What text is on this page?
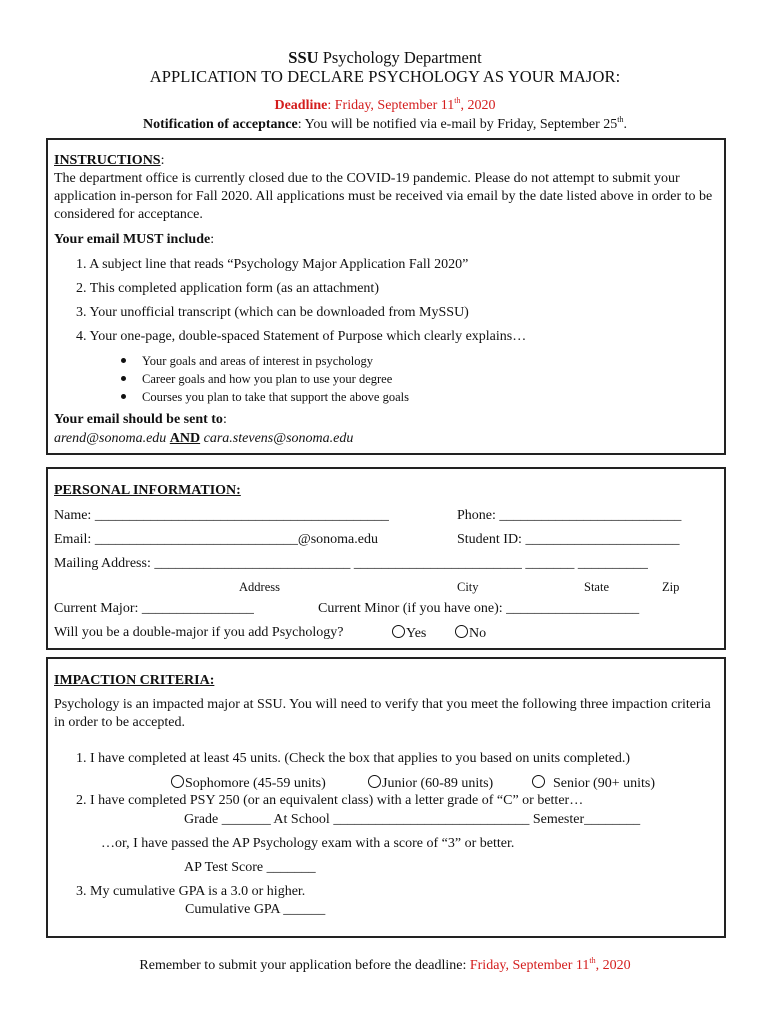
SSU Psychology Department
APPLICATION TO DECLARE PSYCHOLOGY AS YOUR MAJOR:
Deadline: Friday, September 11th, 2020
Notification of acceptance: You will be notified via e-mail by Friday, September 25th.
INSTRUCTIONS:
The department office is currently closed due to the COVID-19 pandemic. Please do not attempt to submit your application in-person for Fall 2020. All applications must be received via email by the date listed above in order to be considered for acceptance.
Your email MUST include:
1. A subject line that reads “Psychology Major Application Fall 2020”
2. This completed application form (as an attachment)
3. Your unofficial transcript (which can be downloaded from MySSU)
4. Your one-page, double-spaced Statement of Purpose which clearly explains…
Your goals and areas of interest in psychology
Career goals and how you plan to use your degree
Courses you plan to take that support the above goals
Your email should be sent to:
arend@sonoma.edu AND cara.stevens@sonoma.edu
PERSONAL INFORMATION:
Name: __________________________________________	Phone: __________________________
Email: _____________________________@sonoma.edu	Student ID: ______________________
Mailing Address: ____________________________ ________________________ _______ __________
Address	City	State	Zip
Current Major: ________________	Current Minor (if you have one): ___________________
Will you be a double-major if you add Psychology?	Yes	No
IMPACTION CRITERIA:
Psychology is an impacted major at SSU. You will need to verify that you meet the following three impaction criteria in order to be accepted.
1. I have completed at least 45 units. (Check the box that applies to you based on units completed.)
Sophomore (45-59 units)	Junior (60-89 units)	Senior (90+ units)
2. I have completed PSY 250 (or an equivalent class) with a letter grade of “C” or better…
Grade _______ At School ____________________________ Semester________
…or, I have passed the AP Psychology exam with a score of “3” or better.
AP Test Score _______
3. My cumulative GPA is a 3.0 or higher.
Cumulative GPA ______
Remember to submit your application before the deadline: Friday, September 11th, 2020
